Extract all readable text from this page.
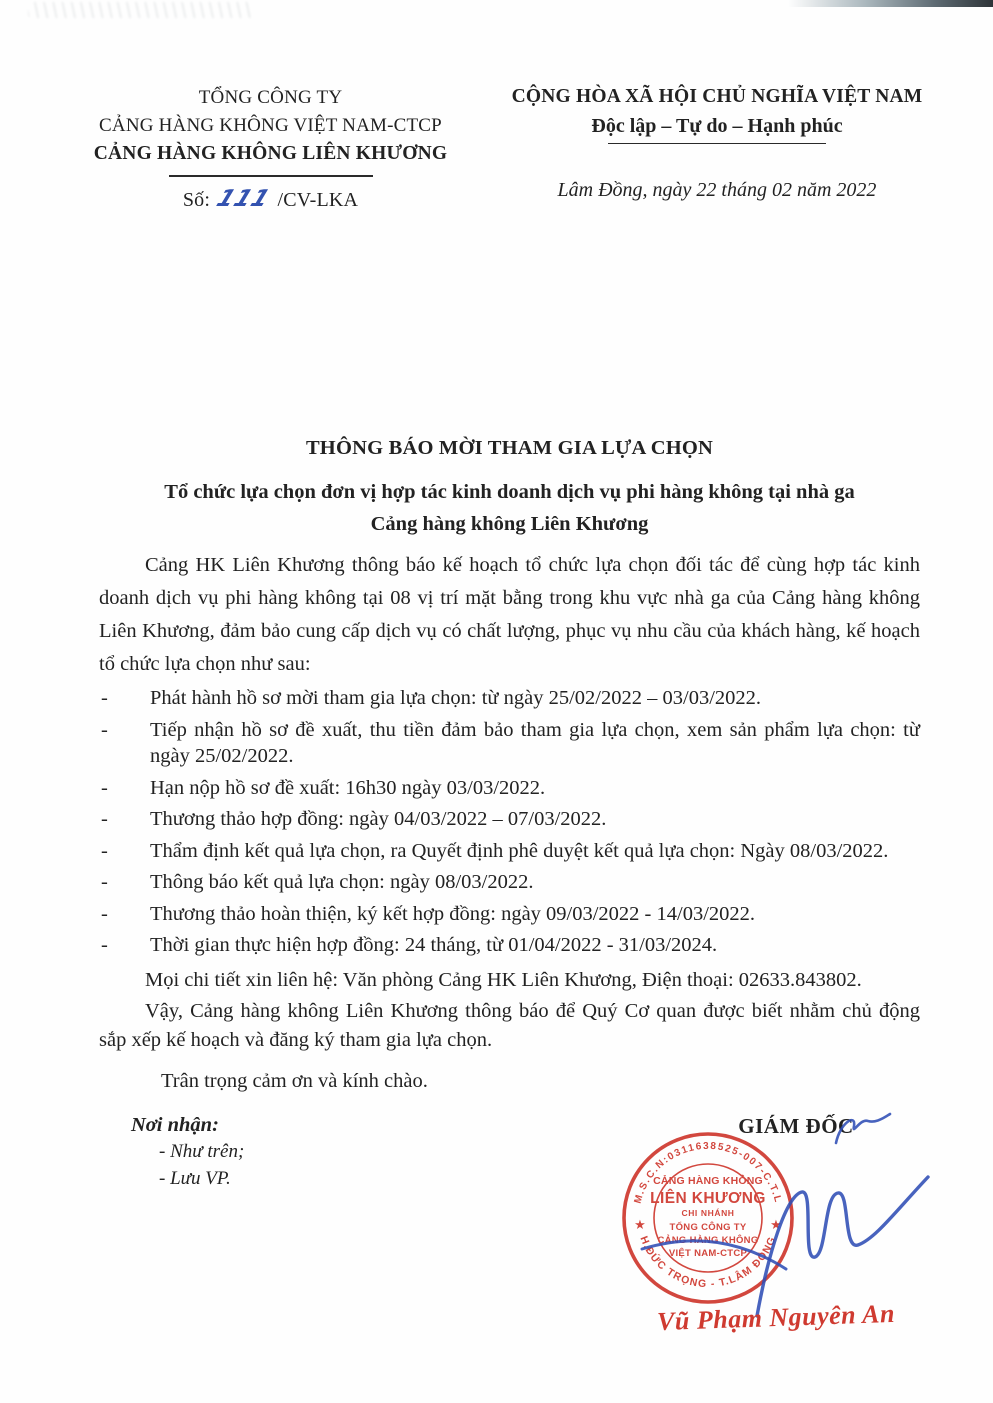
TỔNG CÔNG TY
CẢNG HÀNG KHÔNG VIỆT NAM-CTCP
CẢNG HÀNG KHÔNG LIÊN KHƯƠNG
Số: 111 /CV-LKA
CỘNG HÒA XÃ HỘI CHỦ NGHĨA VIỆT NAM
Độc lập – Tự do – Hạnh phúc
Lâm Đồng, ngày 22 tháng 02 năm 2022
THÔNG BÁO MỜI THAM GIA LỰA CHỌN
Tổ chức lựa chọn đơn vị hợp tác kinh doanh dịch vụ phi hàng không tại nhà ga
Cảng hàng không Liên Khương

Cảng HK Liên Khương thông báo kế hoạch tổ chức lựa chọn đối tác để cùng hợp tác kinh doanh dịch vụ phi hàng không tại 08 vị trí mặt bằng trong khu vực nhà ga của Cảng hàng không Liên Khương, đảm bảo cung cấp dịch vụ có chất lượng, phục vụ nhu cầu của khách hàng, kế hoạch tổ chức lựa chọn như sau:

- Phát hành hồ sơ mời tham gia lựa chọn: từ ngày 25/02/2022 – 03/03/2022.
- Tiếp nhận hồ sơ đề xuất, thu tiền đảm bảo tham gia lựa chọn, xem sản phẩm lựa chọn: từ ngày 25/02/2022.
- Hạn nộp hồ sơ đề xuất: 16h30 ngày 03/03/2022.
- Thương thảo hợp đồng: ngày 04/03/2022 – 07/03/2022.
- Thẩm định kết quả lựa chọn, ra Quyết định phê duyệt kết quả lựa chọn: Ngày 08/03/2022.
- Thông báo kết quả lựa chọn: ngày 08/03/2022.
- Thương thảo hoàn thiện, ký kết hợp đồng: ngày 09/03/2022 - 14/03/2022.
- Thời gian thực hiện hợp đồng: 24 tháng, từ 01/04/2022 - 31/03/2024.

Mọi chi tiết xin liên hệ: Văn phòng Cảng HK Liên Khương, Điện thoại: 02633.843802.

Vậy, Cảng hàng không Liên Khương thông báo để Quý Cơ quan được biết nhằm chủ động sắp xếp kế hoạch và đăng ký tham gia lựa chọn.

Trân trọng cảm ơn và kính chào.

Nơi nhận:
- Như trên;
- Lưu VP.
GIÁM ĐỐC
M.S.C.N:0311638525-007-C.T.L
H.ĐỨC TRỌNG - T.LÂM ĐỒNG
★	★
CẢNG HÀNG KHÔNG
LIÊN KHƯƠNG
CHI NHÁNH
TỔNG CÔNG TY
CẢNG HÀNG KHÔNG
VIỆT NAM-CTCP
Vũ Phạm Nguyên An
